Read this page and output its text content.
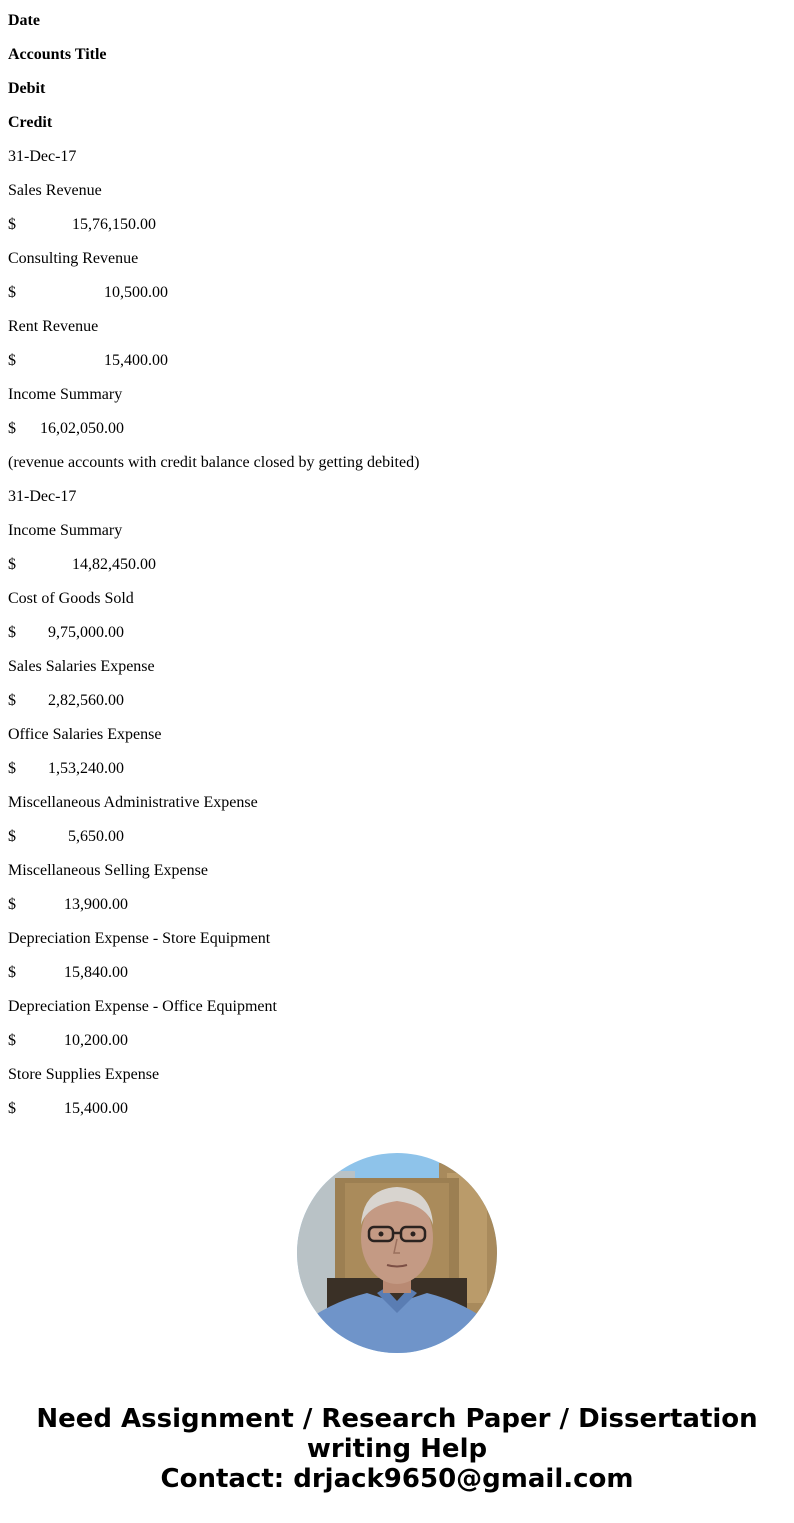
Date
Accounts Title
Debit
Credit
31-Dec-17
Sales Revenue
$              15,76,150.00
Consulting Revenue
$                      10,500.00
Rent Revenue
$                      15,400.00
Income Summary
$      16,02,050.00
(revenue accounts with credit balance closed by getting debited)
31-Dec-17
Income Summary
$              14,82,450.00
Cost of Goods Sold
$        9,75,000.00
Sales Salaries Expense
$        2,82,560.00
Office Salaries Expense
$        1,53,240.00
Miscellaneous Administrative Expense
$             5,650.00
Miscellaneous Selling Expense
$            13,900.00
Depreciation Expense - Store Equipment
$            15,840.00
Depreciation Expense - Office Equipment
$            10,200.00
Store Supplies Expense
$            15,400.00
Need Assignment / Research Paper / Dissertation
writing Help
Contact: drjack9650@gmail.com
